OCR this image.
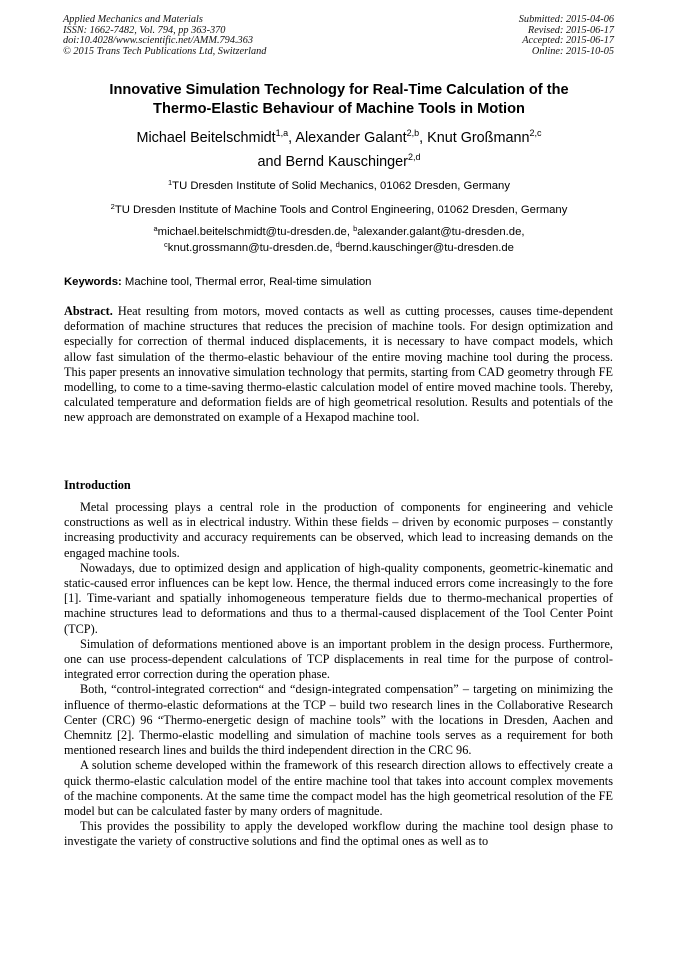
Applied Mechanics and Materials
ISSN: 1662-7482, Vol. 794, pp 363-370
doi:10.4028/www.scientific.net/AMM.794.363
© 2015 Trans Tech Publications Ltd, Switzerland
Submitted: 2015-04-06
Revised: 2015-06-17
Accepted: 2015-06-17
Online: 2015-10-05
Innovative Simulation Technology for Real-Time Calculation of the
Thermo-Elastic Behaviour of Machine Tools in Motion
Michael Beitelschmidt$^{1,a}$, Alexander Galant$^{2,b}$, Knut Großmann$^{2,c}$
and Bernd Kauschinger$^{2,d}$
$^1$TU Dresden Institute of Solid Mechanics, 01062 Dresden, Germany
$^2$TU Dresden Institute of Machine Tools and Control Engineering, 01062 Dresden, Germany
$^a$michael.beitelschmidt@tu-dresden.de, $^b$alexander.galant@tu-dresden.de,
$^c$knut.grossmann@tu-dresden.de, $^d$bernd.kauschinger@tu-dresden.de
Keywords: Machine tool, Thermal error, Real-time simulation
Abstract. Heat resulting from motors, moved contacts as well as cutting processes, causes time-dependent deformation of machine structures that reduces the precision of machine tools. For design optimization and especially for correction of thermal induced displacements, it is necessary to have compact models, which allow fast simulation of the thermo-elastic behaviour of the entire moving machine tool during the process. This paper presents an innovative simulation technology that permits, starting from CAD geometry through FE modelling, to come to a time-saving thermo-elastic calculation model of entire moved machine tools. Thereby, calculated temperature and deformation fields are of high geometrical resolution. Results and potentials of the new approach are demonstrated on example of a Hexapod machine tool.
Introduction

Metal processing plays a central role in the production of components for engineering and vehicle constructions as well as in electrical industry. Within these fields – driven by economic purposes – constantly increasing productivity and accuracy requirements can be observed, which lead to increasing demands on the engaged machine tools.

Nowadays, due to optimized design and application of high-quality components, geometric-kinematic and static-caused error influences can be kept low. Hence, the thermal induced errors come increasingly to the fore [1]. Time-variant and spatially inhomogeneous temperature fields due to thermo-mechanical properties of machine structures lead to deformations and thus to a thermal-caused displacement of the Tool Center Point (TCP).

Simulation of deformations mentioned above is an important problem in the design process. Furthermore, one can use process-dependent calculations of TCP displacements in real time for the purpose of control-integrated error correction during the operation phase.

Both, “control-integrated correction“ and “design-integrated compensation” – targeting on minimizing the influence of thermo-elastic deformations at the TCP – build two research lines in the Collaborative Research Center (CRC) 96 “Thermo-energetic design of machine tools” with the locations in Dresden, Aachen and Chemnitz [2]. Thermo-elastic modelling and simulation of machine tools serves as a requirement for both mentioned research lines and builds the third independent direction in the CRC 96.

A solution scheme developed within the framework of this research direction allows to effectively create a quick thermo-elastic calculation model of the entire machine tool that takes into account complex movements of the machine components. At the same time the compact model has the high geometrical resolution of the FE model but can be calculated faster by many orders of magnitude.

This provides the possibility to apply the developed workflow during the machine tool design phase to investigate the variety of constructive solutions and find the optimal ones as well as to
